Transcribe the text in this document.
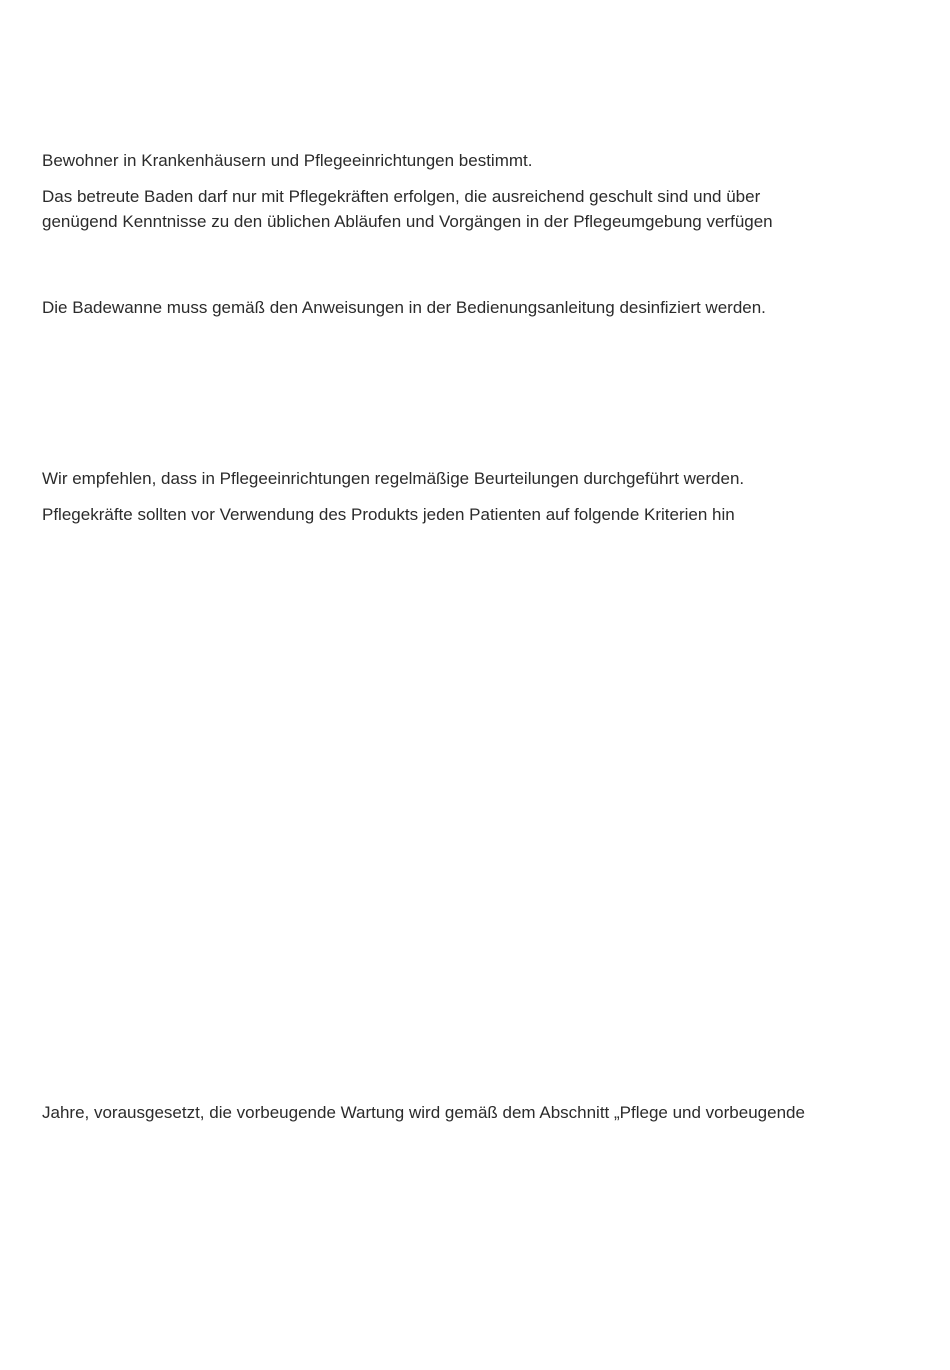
Bewohner in Krankenhäusern und Pflegeeinrichtungen bestimmt.

Das betreute Baden darf nur mit Pflegekräften erfolgen, die ausreichend geschult sind und über

genügend Kenntnisse zu den üblichen Abläufen und Vorgängen in der Pflegeumgebung verfügen

Die Badewanne muss gemäß den Anweisungen in der Bedienungsanleitung desinfiziert werden.

Wir empfehlen, dass in Pflegeeinrichtungen regelmäßige Beurteilungen durchgeführt werden.

Pflegekräfte sollten vor Verwendung des Produkts jeden Patienten auf folgende Kriterien hin

Jahre, vorausgesetzt, die vorbeugende Wartung wird gemäß dem Abschnitt „Pflege und vorbeugende
